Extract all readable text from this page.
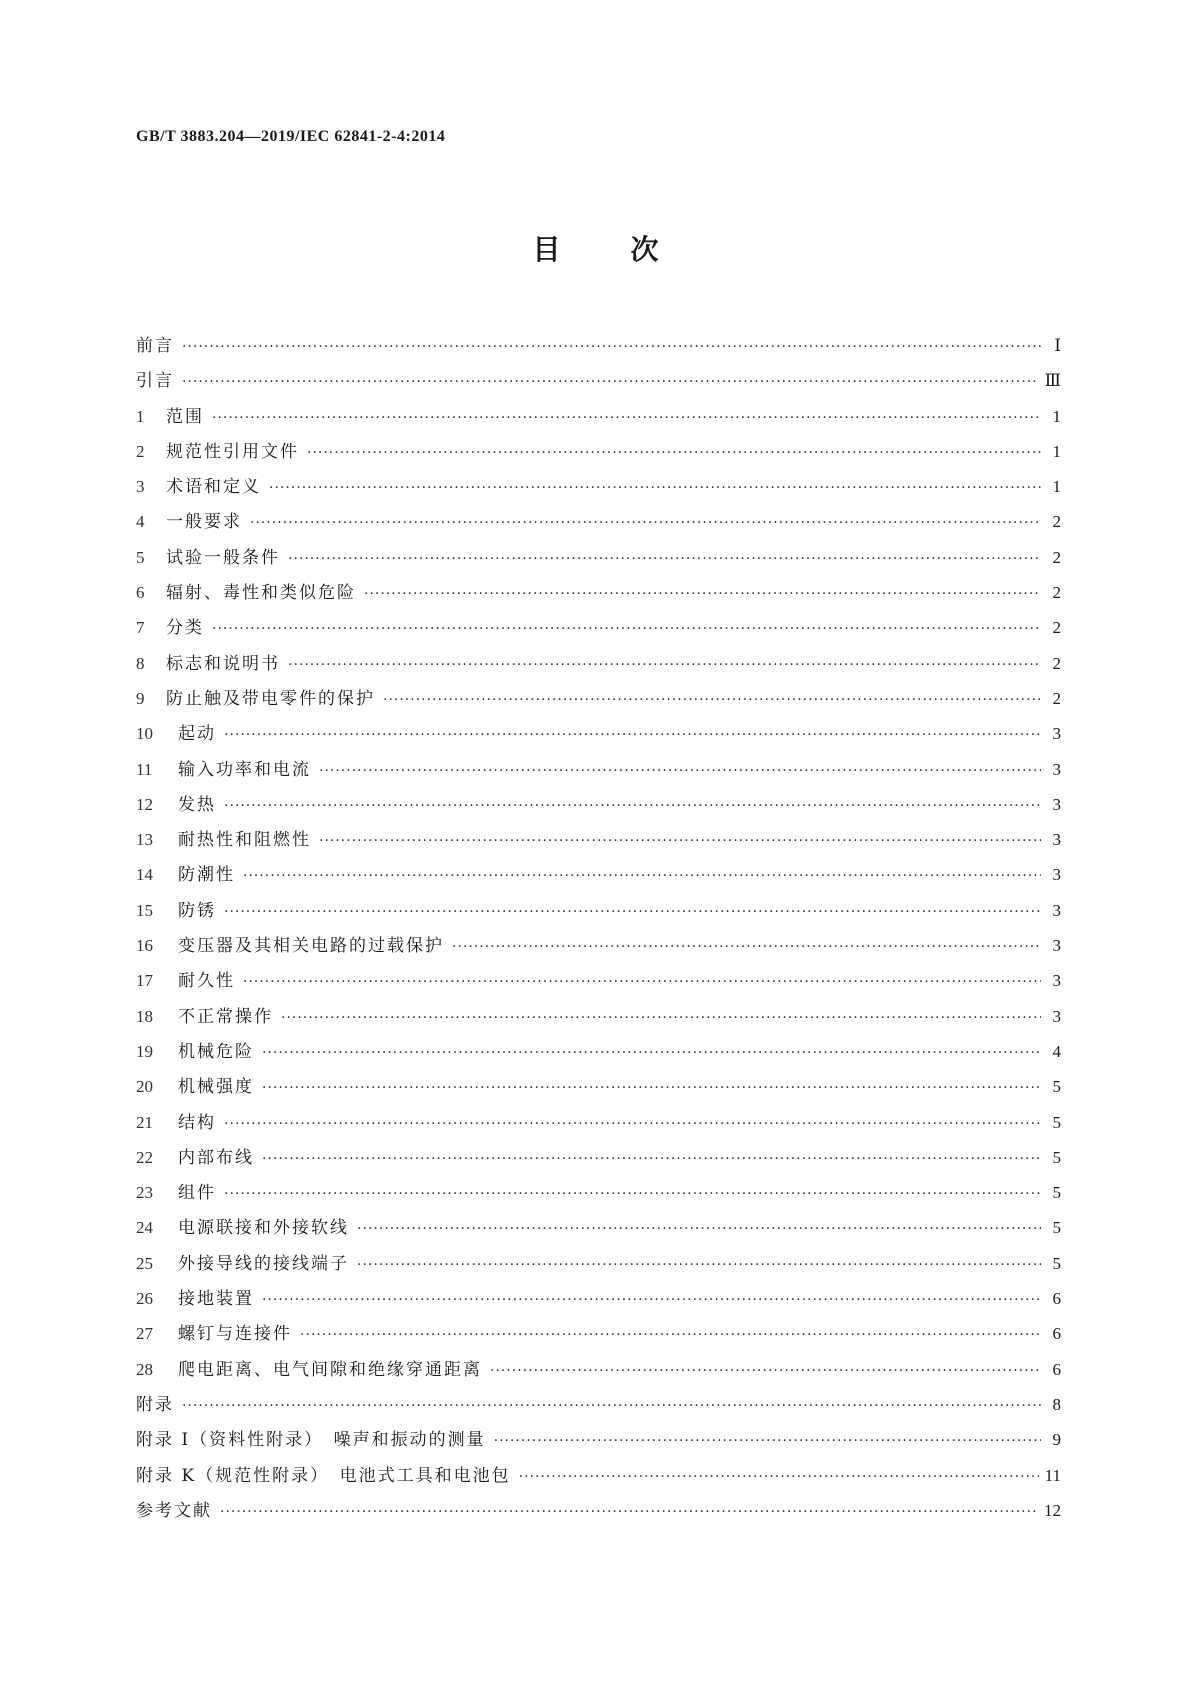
GB/T 3883.204—2019/IEC 62841-2-4:2014
目次
前言 ·····	Ⅰ
引言 ·····	Ⅲ
1	范围 ·····	1
2	规范性引用文件 ·····	1
3	术语和定义 ·····	1
4	一般要求 ·····	2
5	试验一般条件 ·····	2
6	辐射、毒性和类似危险 ·····	2
7	分类 ·····	2
8	标志和说明书 ·····	2
9	防止触及带电零件的保护 ·····	2
10	起动 ·····	3
11	输入功率和电流 ·····	3
12	发热 ·····	3
13	耐热性和阻燃性 ·····	3
14	防潮性 ·····	3
15	防锈 ·····	3
16	变压器及其相关电路的过载保护 ·····	3
17	耐久性 ·····	3
18	不正常操作 ·····	3
19	机械危险 ·····	4
20	机械强度 ·····	5
21	结构 ·····	5
22	内部布线 ·····	5
23	组件 ·····	5
24	电源联接和外接软线 ·····	5
25	外接导线的接线端子 ·····	5
26	接地装置 ·····	6
27	螺钉与连接件 ·····	6
28	爬电距离、电气间隙和绝缘穿通距离 ·····	6
附录 ·····	8
附录 I（资料性附录）　噪声和振动的测量 ·····	9
附录 K（规范性附录）　电池式工具和电池包 ·····	11
参考文献 ·····	12
